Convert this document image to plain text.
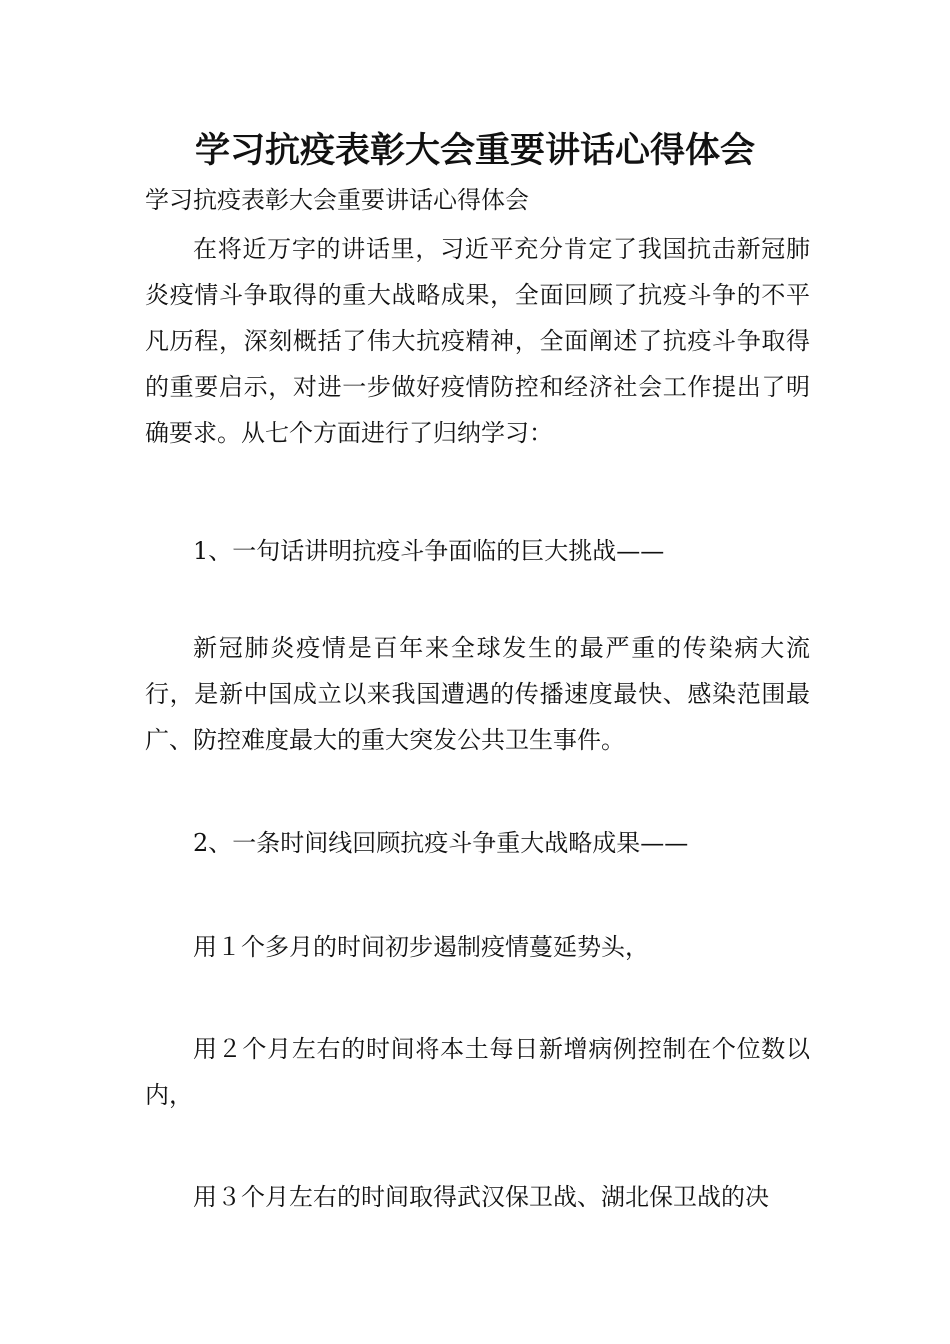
学习抗疫表彰大会重要讲话心得体会
学习抗疫表彰大会重要讲话心得体会
在将近万字的讲话里，习近平充分肯定了我国抗击新冠肺炎疫情斗争取得的重大战略成果，全面回顾了抗疫斗争的不平凡历程，深刻概括了伟大抗疫精神，全面阐述了抗疫斗争取得的重要启示，对进一步做好疫情防控和经济社会工作提出了明确要求。从七个方面进行了归纳学习：
1、一句话讲明抗疫斗争面临的巨大挑战——
新冠肺炎疫情是百年来全球发生的最严重的传染病大流行，是新中国成立以来我国遭遇的传播速度最快、感染范围最广、防控难度最大的重大突发公共卫生事件。
2、一条时间线回顾抗疫斗争重大战略成果——
用１个多月的时间初步遏制疫情蔓延势头，
用２个月左右的时间将本土每日新增病例控制在个位数以内，
用３个月左右的时间取得武汉保卫战、湖北保卫战的决
